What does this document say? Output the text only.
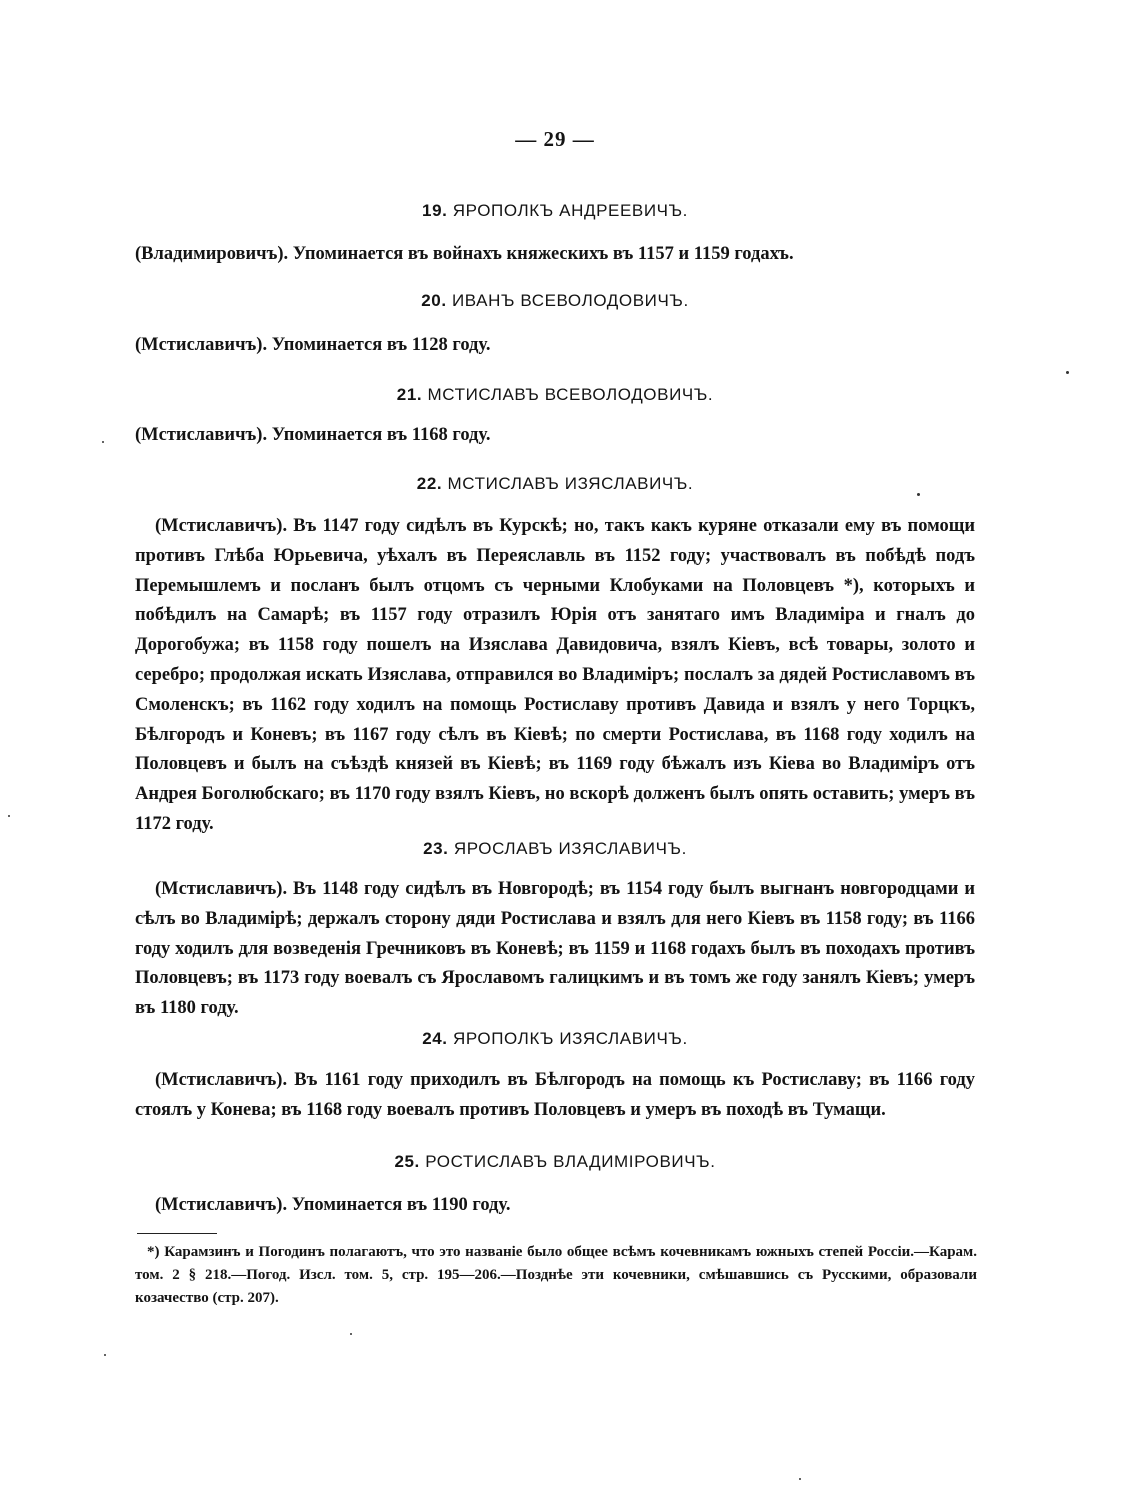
— 29 —
19. ЯРОПОЛКЪ АНДРЕЕВИЧЪ.
(Владимировичъ). Упоминается въ войнахъ княжескихъ въ 1157 и 1159 годахъ.
20. ИВАНЪ ВСЕВОЛОДОВИЧЪ.
(Мстиславичъ). Упоминается въ 1128 году.
21. МСТИСЛАВЪ ВСЕВОЛОДОВИЧЪ.
(Мстиславичъ). Упоминается въ 1168 году.
22. МСТИСЛАВЪ ИЗЯСЛАВИЧЪ.
(Мстиславичъ). Въ 1147 году сидѣлъ въ Курскѣ; но, такъ какъ куряне отказали ему въ помощи противъ Глѣба Юрьевича, уѣхалъ въ Переяславль въ 1152 году; участвовалъ въ побѣдѣ подъ Перемышлемъ и посланъ былъ отцомъ съ черными Клобуками на Половцевъ *), которыхъ и побѣдилъ на Самарѣ; въ 1157 году отразилъ Юрія отъ занятаго имъ Владиміра и гналъ до Дорогобужа; въ 1158 году пошелъ на Изяслава Давидовича, взялъ Кіевъ, всѣ товары, золото и серебро; продолжая искать Изяслава, отправился во Владиміръ; послалъ за дядей Ростиславомъ въ Смоленскъ; въ 1162 году ходилъ на помощь Ростиславу противъ Давида и взялъ у него Торцкъ, Бѣлгородъ и Коневъ; въ 1167 году сѣлъ въ Кіевѣ; по смерти Ростислава, въ 1168 году ходилъ на Половцевъ и былъ на съѣздѣ князей въ Кіевѣ; въ 1169 году бѣжалъ изъ Кіева во Владиміръ отъ Андрея Боголюбскаго; въ 1170 году взялъ Кіевъ, но вскорѣ долженъ былъ опять оставить; умеръ въ 1172 году.
23. ЯРОСЛАВЪ ИЗЯСЛАВИЧЪ.
(Мстиславичъ). Въ 1148 году сидѣлъ въ Новгородѣ; въ 1154 году былъ выгнанъ новгородцами и сѣлъ во Владимірѣ; держалъ сторону дяди Ростислава и взялъ для него Кіевъ въ 1158 году; въ 1166 году ходилъ для возведенія Гречниковъ въ Коневѣ; въ 1159 и 1168 годахъ былъ въ походахъ противъ Половцевъ; въ 1173 году воевалъ съ Ярославомъ галицкимъ и въ томъ же году занялъ Кіевъ; умеръ въ 1180 году.
24. ЯРОПОЛКЪ ИЗЯСЛАВИЧЪ.
(Мстиславичъ). Въ 1161 году приходилъ въ Бѣлгородъ на помощь къ Ростиславу; въ 1166 году стоялъ у Конева; въ 1168 году воевалъ противъ Половцевъ и умеръ въ походѣ въ Тумащи.
25. РОСТИСЛАВЪ ВЛАДИМІРОВИЧЪ.
(Мстиславичъ). Упоминается въ 1190 году.
*) Карамзинъ и Погодинъ полагаютъ, что это названіе было общее всѣмъ кочевникамъ южныхъ степей Россіи.—Карам. том. 2 § 218.—Погод. Изсл. том. 5, стр. 195—206.—Позднѣе эти кочевники, смѣшавшись съ Русскими, образовали козачество (стр. 207).
